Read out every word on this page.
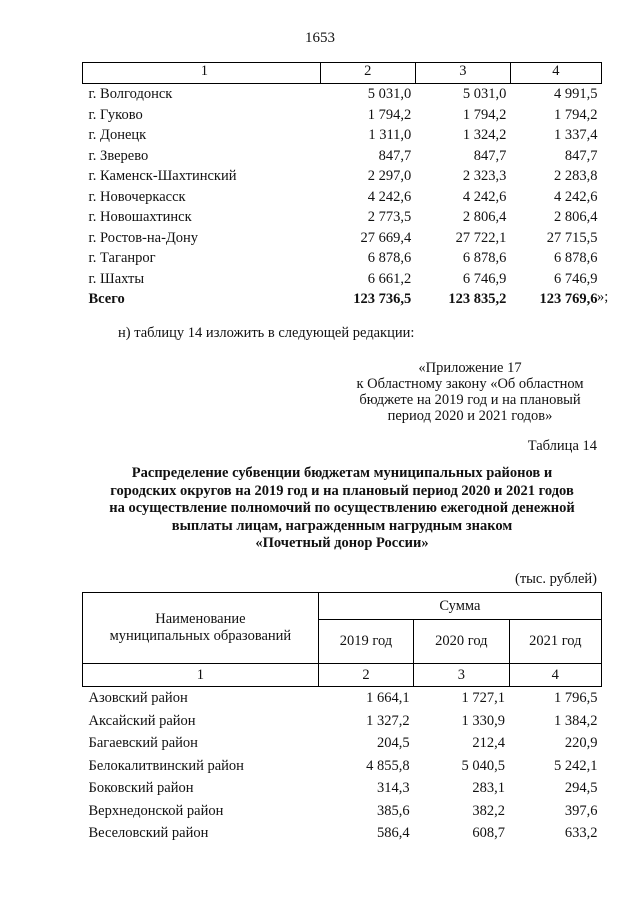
1653
1	2	3	4
г. Волгодонск	5 031,0	5 031,0	4 991,5
г. Гуково	1 794,2	1 794,2	1 794,2
г. Донецк	1 311,0	1 324,2	1 337,4
г. Зверево	847,7	847,7	847,7
г. Каменск-Шахтинский	2 297,0	2 323,3	2 283,8
г. Новочеркасск	4 242,6	4 242,6	4 242,6
г. Новошахтинск	2 773,5	2 806,4	2 806,4
г. Ростов-на-Дону	27 669,4	27 722,1	27 715,5
г. Таганрог	6 878,6	6 878,6	6 878,6
г. Шахты	6 661,2	6 746,9	6 746,9
Всего	123 736,5	123 835,2	123 769,6 »;
н) таблицу 14 изложить в следующей редакции:
«Приложение 17
к Областному закону «Об областном
бюджете на 2019 год и на плановый
период 2020 и 2021 годов»
Таблица 14
Распределение субвенции бюджетам муниципальных районов и
городских округов на 2019 год и на плановый период 2020 и 2021 годов
на осуществление полномочий по осуществлению ежегодной денежной
выплаты лицам, награжденным нагрудным знаком
«Почетный донор России»
(тыс. рублей)
Наименование
муниципальных образований	Сумма		
	2019 год	2020 год	2021 год
1	2	3	4
Азовский район	1 664,1	1 727,1	1 796,5
Аксайский район	1 327,2	1 330,9	1 384,2
Багаевский район	204,5	212,4	220,9
Белокалитвинский район	4 855,8	5 040,5	5 242,1
Боковский район	314,3	283,1	294,5
Верхнедонской район	385,6	382,2	397,6
Веселовский район	586,4	608,7	633,2
